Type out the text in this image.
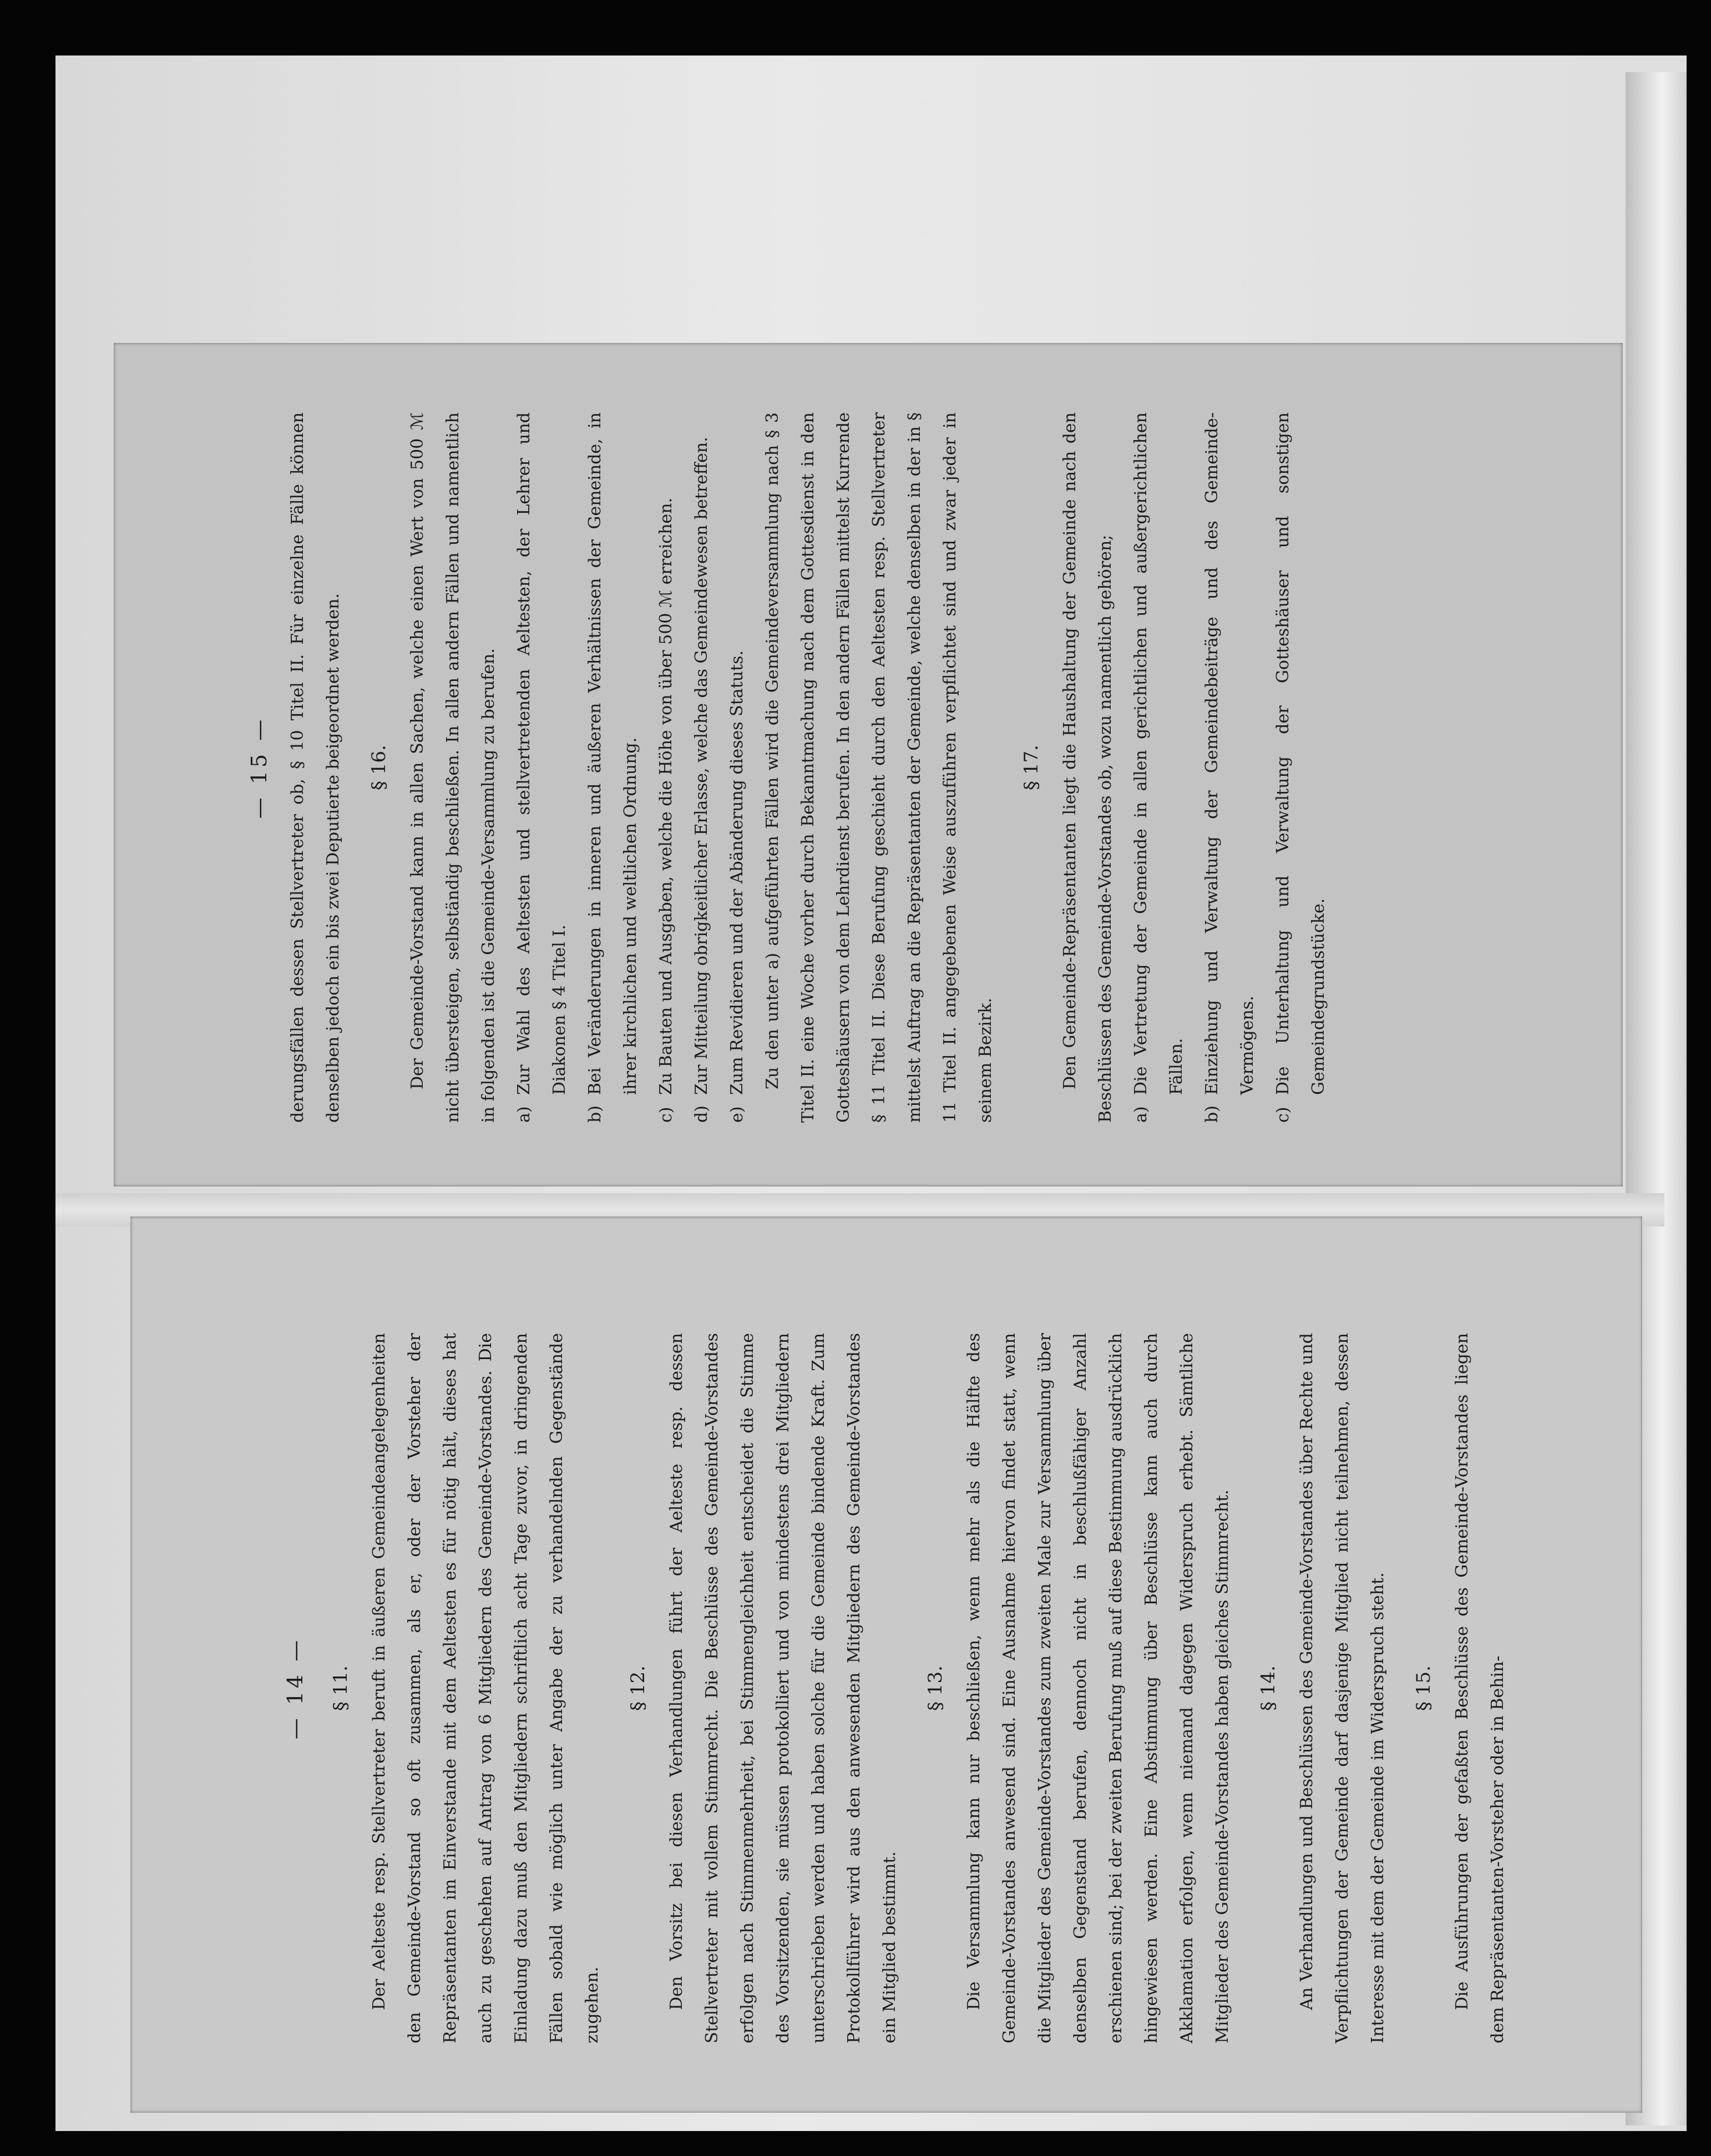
— 15 —	derungsfällen dessen Stellvertreter ob, § 10 Titel II. Für einzelne Fälle können denselben jedoch ein bis zwei Deputierte beigeordnet werden.	§ 16.	Der Gemeinde-Vorstand kann in allen Sachen, welche einen Wert von 500 ℳ nicht übersteigen, selbständig beschließen. In allen andern Fällen und namentlich in folgenden ist die Gemeinde-Versammlung zu berufen. a)Zur Wahl des Aeltesten und stellvertretenden Aeltesten, der Lehrer und Diakonen § 4 Titel I.
b)Bei Veränderungen in inneren und äußeren Verhältnissen der Gemeinde, in ihrer kirchlichen und weltlichen Ordnung.
c)Zu Bauten und Ausgaben, welche die Höhe von über 500 ℳ erreichen.
d)Zur Mitteilung obrigkeitlicher Erlasse, welche das Gemeindewesen betreffen.
e)Zum Revidieren und der Abänderung dieses Statuts. Zu den unter a) aufgeführten Fällen wird die Gemeindeversammlung nach § 3 Titel II. eine Woche vorher durch Bekanntmachung nach dem Gottesdienst in den Gotteshäusern von dem Lehrdienst berufen. In den andern Fällen mittelst Kurrende § 11 Titel II. Diese Berufung geschieht durch den Aeltesten resp. Stellvertreter mittelst Auftrag an die Repräsentanten der Gemeinde, welche denselben in der in § 11 Titel II. angegebenen Weise auszuführen verpflichtet sind und zwar jeder in seinem Bezirk.

§ 17.	Den Gemeinde-Repräsentanten liegt die Haushaltung der Gemeinde nach den Beschlüssen des Gemeinde-Vorstandes ob, wozu namentlich gehören; a)Die Vertretung der Gemeinde in allen gerichtlichen und außergerichtlichen Fällen.
b)Einziehung und Verwaltung der Gemeindebeiträge und des Gemeinde-Vermögens.
c)Die Unterhaltung und Verwaltung der Gotteshäuser und sonstigen Gemeindegrundstücke.
— 14 —	§ 11.	Der Aelteste resp. Stellvertreter beruft in äußeren Gemeindeangelegenheiten den Gemeinde-Vorstand so oft zusammen, als er, oder der Vorsteher der Repräsentanten im Einverstande mit dem Aeltesten es für nötig hält, dieses hat auch zu geschehen auf Antrag von 6 Mitgliedern des Gemeinde-Vorstandes. Die Einladung dazu muß den Mitgliedern schriftlich acht Tage zuvor, in dringenden Fällen sobald wie möglich unter Angabe der zu verhandelnden Gegenstände zugehen.

§ 12.	Den Vorsitz bei diesen Verhandlungen führt der Aelteste resp. dessen Stellvertreter mit vollem Stimmrecht. Die Beschlüsse des Gemeinde-Vorstandes erfolgen nach Stimmenmehrheit, bei Stimmengleichheit entscheidet die Stimme des Vorsitzenden, sie müssen protokolliert und von mindestens drei Mitgliedern unterschrieben werden und haben solche für die Gemeinde bindende Kraft. Zum Protokollführer wird aus den anwesenden Mitgliedern des Gemeinde-Vorstandes ein Mitglied bestimmt.

§ 13.	Die Versammlung kann nur beschließen, wenn mehr als die Hälfte des Gemeinde-Vorstandes anwesend sind. Eine Ausnahme hiervon findet statt, wenn die Mitglieder des Gemeinde-Vorstandes zum zweiten Male zur Versammlung über denselben Gegenstand berufen, dennoch nicht in beschlußfähiger Anzahl erschienen sind; bei der zweiten Berufung muß auf diese Bestimmung ausdrücklich hingewiesen werden. Eine Abstimmung über Beschlüsse kann auch durch Akklamation erfolgen, wenn niemand dagegen Widerspruch erhebt. Sämtliche Mitglieder des Gemeinde-Vorstandes haben gleiches Stimmrecht.	§ 14.	An Verhandlungen und Beschlüssen des Gemeinde-Vorstandes über Rechte und Verpflichtungen der Gemeinde darf dasjenige Mitglied nicht teilnehmen, dessen Interesse mit dem der Gemeinde im Widerspruch steht.	§ 15.	Die Ausführungen der gefaßten Beschlüsse des Gemeinde-Vorstandes liegen dem Repräsentanten-Vorsteher oder in Behin-
